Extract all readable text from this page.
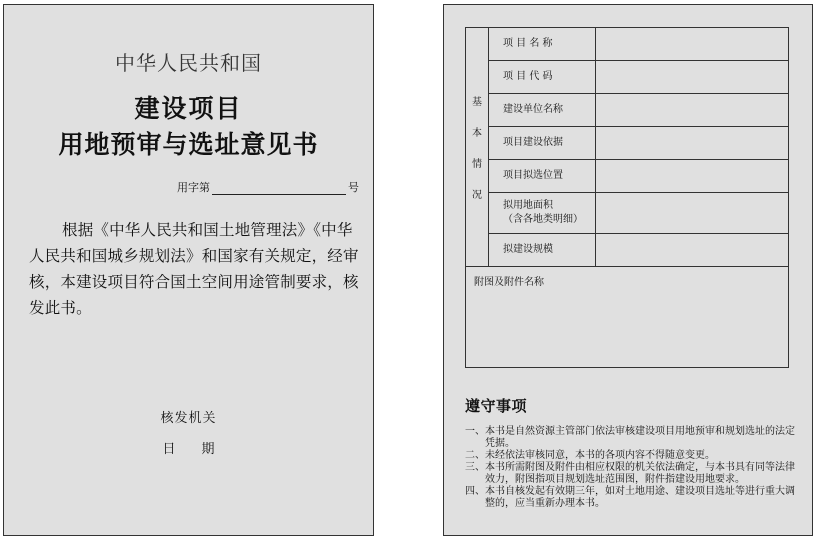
中华人民共和国
建设项目
用地预审与选址意见书
用字第	号
根据《中华人民共和国土地管理法》《中华人民共和国城乡规划法》和国家有关规定，经审核，本建设项目符合国土空间用途管制要求，核发此书。
核发机关
日　　期
基
本
情
况	项 目 名 称	
	项 目 代 码	
	建设单位名称	
	项目建设依据	
	项目拟选位置	

	拟用地面积
（含各地类明细）	

	拟建设规模	
附图及附件名称		
遵守事项
一、 本书是自然资源主管部门依法审核建设项目用地预审和规划选址的法定凭据。
二、 未经依法审核同意，本书的各项内容不得随意变更。
三、 本书所需附图及附件由相应权限的机关依法确定，与本书具有同等法律效力，附图指项目规划选址范围图，附件指建设用地要求。
四、 本书自核发起有效期三年，如对土地用途、建设项目选址等进行重大调整的，应当重新办理本书。
